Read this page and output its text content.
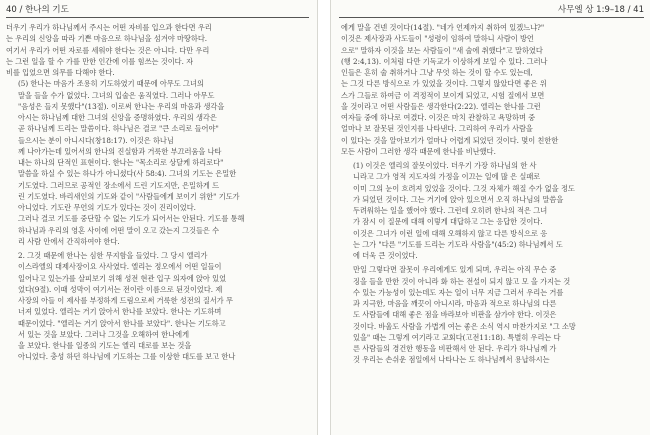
40 / 한나의 기도
더우기 우리가 하나님께서 주시는 어떤 자비를 입으과 한다면 우리
는 우리의 신앙을 따라 기쁜 마음으로 하나님을 섬겨야 마땅하다.
여기서 우리가 어떤 자로를 세워야 한다는 것은 아니다. 다만 우리
는 그런 일을 할 수 가를 만한 인간에 이를 힘쓰는 것이다. 자
비를 입었으면 의무를 다해야 한다.
(5) 한나는 마음가 조용히 기도하였기 때문에 아무도 그녀의
말을 들을 수가 없었다. 그녀의 입술은 움직였다. 그러나 아무도
"음성은 들지 못했다"(13절). 이로써 한나는 우리의 마음과 생각을
아시는 하나님께 대한 그녀의 신앙을 증명하였다. 우리의 생각은
곧 하나님께 드리는 말씀이다. 하나님은 결코 "큰 소리로 들어야"
들으시는 분이 아니시다(창18:17). 이것은 하나님
께 나아가는데 있어서의 한나의 진실함과 거룩한 부끄러움을 나타
내는 하나의 단적인 표현이다. 한나는 "목소리로 상달케 하리로다"
말씀을 하실 수 있는 하나가 아니셨다(사 58:4). 그녀의 기도는 은밀한
기도였다. 그러므로 공적인 장소에서 드린 기도지만, 은밀하게 드
린 기도였다. 바리새인의 기도와 같이 "사람들에게 보이기 위한" 기도가
아니었다. 기도란 무언의 기도가 있다는 것이 진리이었다.
그러나 결코 기도를 중단할 수 없는 기도가 되어서는 안된다. 기도를 통해
하나님과 우리의 영혼 사이에 어떤 말이 오고 갔는지 그것들은 수
리 사람 안에서 간직하여야 한다.
2. 그것 때문에 한나는 심한 무지함을 들었다. 그 당시 엘리가
이스라엘의 대제사장이요 사사였다. 엘리는 정오에서 어떤 일들이
일어나고 있는가를 살피보기 위해 성전 현관 입구 의자에 앉아 있었
었다(9절). 이때 성막이 여기서는 전이란 이름으로 된것이었다. 제
사장의 아들 이 제사를 부정하게 드림으로써 거룩한 성전의 질서가 무
너져 있었다. 엘리는 거기 앉아서 한나를 보았다. 한나는 기도하며
때문이었다. "엘리는 거기 앉아서 한나를 보았다". 한나는 기도하고
서 있는 것을 보았다. 그러나 그것을 오해하여 한나에게
을 보았다. 한나를 일종의 기도는 엘리 대로를 보는 것을
아니었다. 충성 하던 하나님에 기도하는 그를 이상한 대도를 보고 한나
사무엘 상 1:9–18 / 41
에게 말을 건넨 것이다(14절). "네가 언제까지 취하여 있겠느냐?"
이것은 제사장과 사도들이 "성령이 임하여 말하니 사람이 방언
으로" 말하자 이것을 보는 사람들이 "새 술에 취했다"고 말하였다
(행 2:4,13). 이처럼 다만 기독교가 이상하게 보일 수 있다. 그러나
인들은 흔히 술 취하거나 그냥 무엇 하는 것이 할 수도 있는데,
는 그것 다른 방식으로 가 있었을 것이다. 그렇지 않았다면 좋은 위
스가 그들로 하여금 이 격정적이 보이게 되었고, 시험 질에서 보면
을 것이라고 어떤 사람들은 생각한다(2:22). 엘리는 한나를 그런
여자들 중에 하나로 여겼다. 이것은 마치 관찰하고 욕망하며 중
얼마나 보 잘못된 것인지를 나타낸다. 그리하여 우리가 사람을
이 있다는 것을 알아보기가 얼마나 어렵게 되었던 것이다. 몇이 친한한
모든 사람이 그러한 생각 때문에 한나를 비난했다.
(1) 이것은 엘리의 잘못이었다. 더우기 가장 하나님의 한 사
니라고 그가 영적 지도자의 가정을 이끄는 일에 많 은 실패로
이미 그의 눈이 흐려져 있었을 것이다. 그것 자체가 해질 수가 없을 정도
가 되었던 것이다. 그는 거기에 앉아 있으면서 오직 하나님의 말씀을
두려워하는 일을 했어야 했다. 그런데 오히려 한나의 적은 그녀
가 잠시 이 질문에 대해 이렇게 대답하고 그는 응답한 것이다.
이것은 그녀가 이런 일에 대해 오해하지 않고 다른 방식으로 응
는 그가 "다른 "기도를 드리는 기도라 사람을"(45:2) 하나님께서 도
에 더욱 큰 것이었다.
만일 그렇다면 잘못이 우리에게도 있게 되며, 우리는 아직 무슨 중
징을 들을 만한 것이 아니라 화 하는 전설이 되지 않고 모 을 가지는 것
수 있는 가능성이 있는데도 자는 일이 너무 지금 그러서 우리는 거를
과 지극한, 마음을 깨끗이 아니시라, 마음과 적으로 하나님의 다른
도 사람들에 대해 좋은 점을 바라보아 비판을 삼가야 한다. 이것은
것이다. 바울도 사람을 가볍게 여는 좋은 소식 역시 마찬가지로 "그 소망
있을" 때는 그렇게 여기라고 교회다(고전11:18). 특별히 우리는 다
른 사람들의 경건한 행동을 비판해서 안 된다. 우리가 하나님께 가
것 우리는 손쉬운 점일에서 나타나는 도 하나님께서 용납하시는
